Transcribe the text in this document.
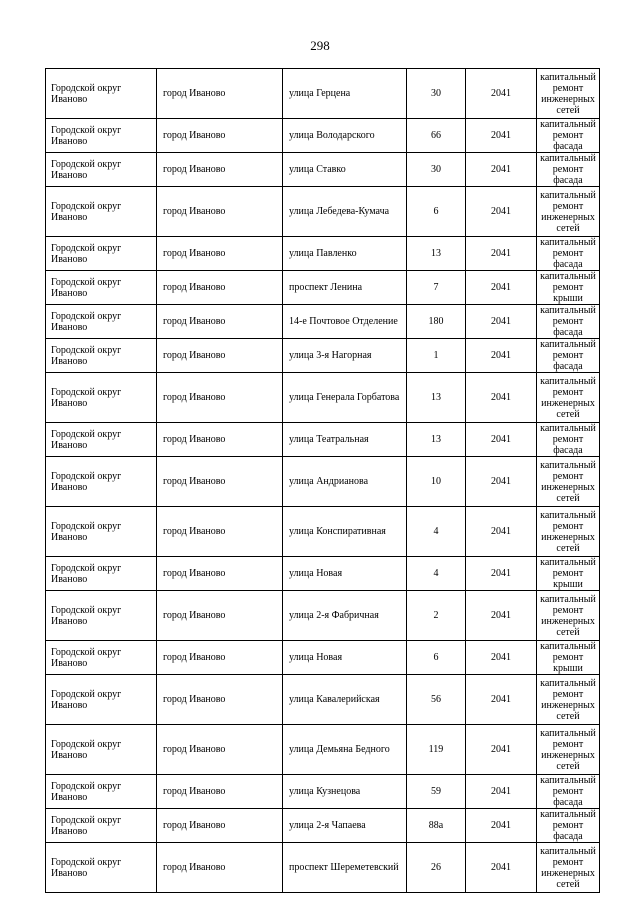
298
Городской округ Иваново	город Иваново	улица Герцена	30	2041	капитальный ремонт инженерных сетей
Городской округ Иваново	город Иваново	улица Володарского	66	2041	капитальный ремонт фасада
Городской округ Иваново	город Иваново	улица Ставко	30	2041	капитальный ремонт фасада
Городской округ Иваново	город Иваново	улица Лебедева-Кумача	6	2041	капитальный ремонт инженерных сетей
Городской округ Иваново	город Иваново	улица Павленко	13	2041	капитальный ремонт фасада
Городской округ Иваново	город Иваново	проспект Ленина	7	2041	капитальный ремонт крыши
Городской округ Иваново	город Иваново	14-е Почтовое Отделение	180	2041	капитальный ремонт фасада
Городской округ Иваново	город Иваново	улица 3-я Нагорная	1	2041	капитальный ремонт фасада
Городской округ Иваново	город Иваново	улица Генерала Горбатова	13	2041	капитальный ремонт инженерных сетей
Городской округ Иваново	город Иваново	улица Театральная	13	2041	капитальный ремонт фасада
Городской округ Иваново	город Иваново	улица Андрианова	10	2041	капитальный ремонт инженерных сетей
Городской округ Иваново	город Иваново	улица Конспиративная	4	2041	капитальный ремонт инженерных сетей
Городской округ Иваново	город Иваново	улица Новая	4	2041	капитальный ремонт крыши
Городской округ Иваново	город Иваново	улица 2-я Фабричная	2	2041	капитальный ремонт инженерных сетей
Городской округ Иваново	город Иваново	улица Новая	6	2041	капитальный ремонт крыши
Городской округ Иваново	город Иваново	улица Кавалерийская	56	2041	капитальный ремонт инженерных сетей
Городской округ Иваново	город Иваново	улица Демьяна Бедного	119	2041	капитальный ремонт инженерных сетей
Городской округ Иваново	город Иваново	улица Кузнецова	59	2041	капитальный ремонт фасада
Городской округ Иваново	город Иваново	улица 2-я Чапаева	88а	2041	капитальный ремонт фасада
Городской округ Иваново	город Иваново	проспект Шереметевский	26	2041	капитальный ремонт инженерных сетей
